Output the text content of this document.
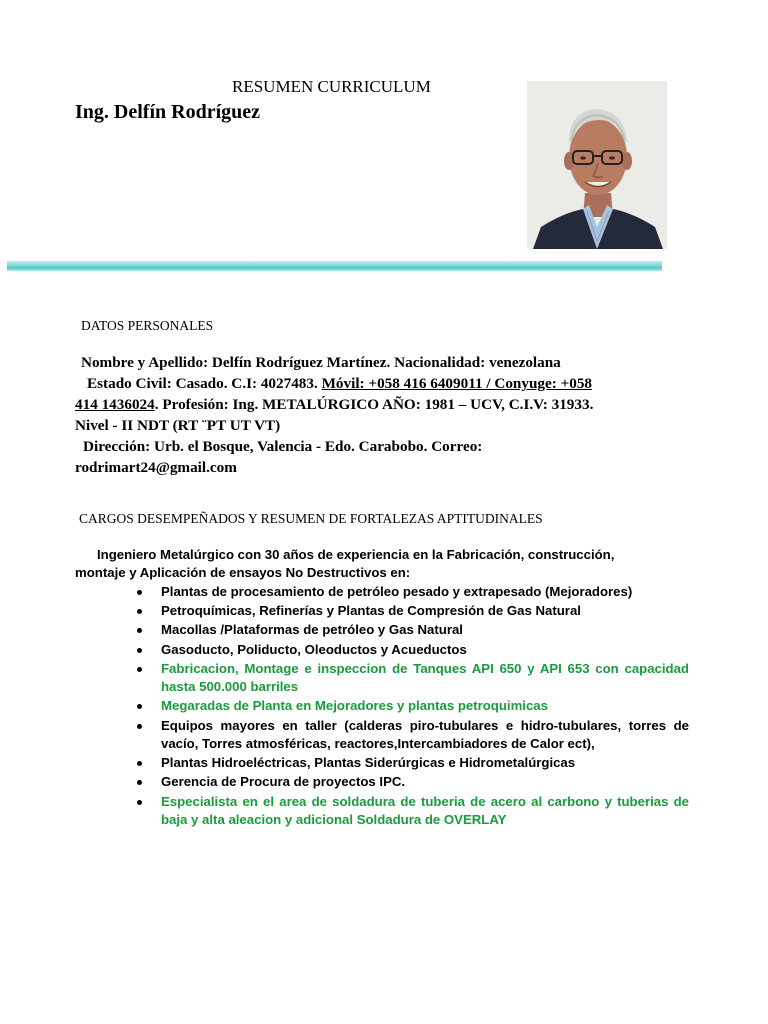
RESUMEN CURRICULUM
Ing. Delfín Rodríguez
DATOS PERSONALES
Nombre y Apellido: Delfín Rodríguez Martínez. Nacionalidad: venezolana
Estado Civil: Casado. C.I: 4027483. Móvil: +058 416 6409011 / Conyuge: +058
414 1436024. Profesión: Ing. METALÚRGICO AÑO: 1981 – UCV, C.I.V: 31933.
Nivel - II NDT (RT ¨PT UT VT)
Dirección: Urb. el Bosque, Valencia - Edo. Carabobo. Correo:
rodrimart24@gmail.com
CARGOS DESEMPEÑADOS Y RESUMEN DE FORTALEZAS APTITUDINALES
Ingeniero Metalúrgico con 30 años de experiencia en la Fabricación, construcción,
montaje y Aplicación de ensayos No Destructivos en:
Plantas de procesamiento de petróleo pesado y extrapesado (Mejoradores)
Petroquímicas, Refinerías y Plantas de Compresión de Gas Natural
Macollas /Plataformas de petróleo y Gas Natural
Gasoducto, Poliducto, Oleoductos y Acueductos
Fabricacion, Montage e inspeccion de Tanques API 650 y API 653 con capacidad hasta 500.000 barriles
Megaradas de Planta en Mejoradores y plantas petroquimicas
Equipos mayores en taller (calderas piro-tubulares e hidro-tubulares, torres de vacío, Torres atmosféricas, reactores,Intercambiadores de Calor ect),
Plantas Hidroeléctricas, Plantas Siderúrgicas e Hidrometalúrgicas
Gerencia de Procura de proyectos IPC.
Especialista en el area de soldadura de tuberia de acero al carbono y tuberias de baja y alta aleacion y adicional Soldadura de OVERLAY
